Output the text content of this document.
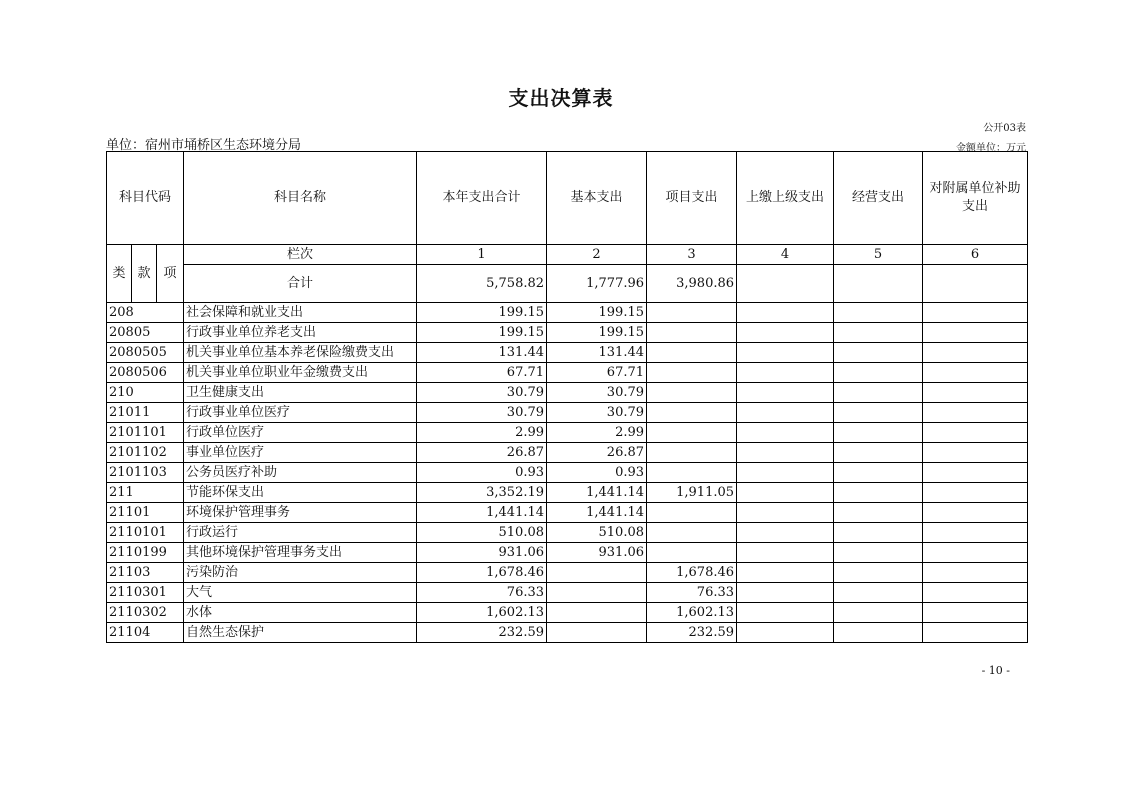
支出决算表
公开03表
单位：宿州市埇桥区生态环境分局	金额单位：万元
科目代码			科目名称	本年支出合计	基本支出	项目支出	上缴上级支出	经营支出	对附属单位补助支出
类	款	项	栏次	1	2	3	4	5	6
			合计	5,758.82	1,777.96	3,980.86			
208			社会保障和就业支出	199.15	199.15				
20805			行政事业单位养老支出	199.15	199.15				
2080505			机关事业单位基本养老保险缴费支出	131.44	131.44				
2080506			机关事业单位职业年金缴费支出	67.71	67.71				
210			卫生健康支出	30.79	30.79				
21011			行政事业单位医疗	30.79	30.79				
2101101			行政单位医疗	2.99	2.99				
2101102			事业单位医疗	26.87	26.87				
2101103			公务员医疗补助	0.93	0.93				
211			节能环保支出	3,352.19	1,441.14	1,911.05			
21101			环境保护管理事务	1,441.14	1,441.14				
2110101			行政运行	510.08	510.08				
2110199			其他环境保护管理事务支出	931.06	931.06				
21103			污染防治	1,678.46		1,678.46			
2110301			大气	76.33		76.33			
2110302			水体	1,602.13		1,602.13			
21104			自然生态保护	232.59		232.59			
- 10 -
